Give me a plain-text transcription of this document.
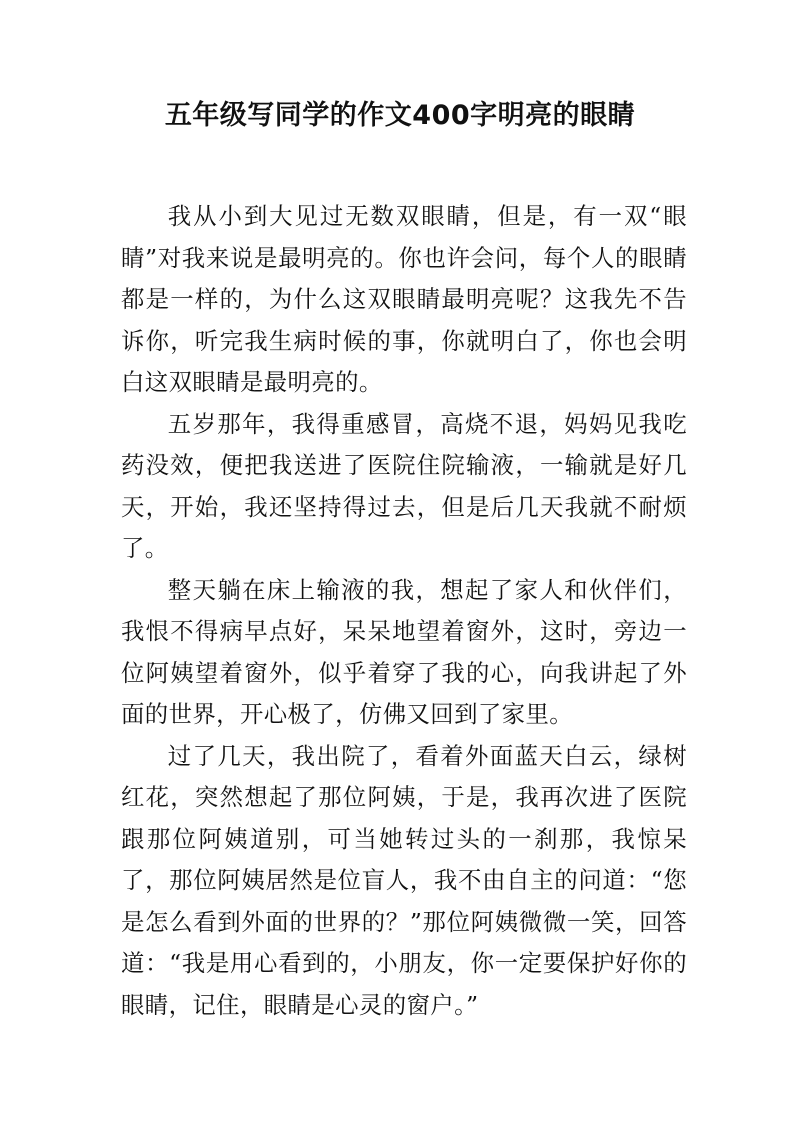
五年级写同学的作文400字明亮的眼睛

我从小到大见过无数双眼睛，但是，有一双“眼睛”对我来说是最明亮的。你也许会问，每个人的眼睛都是一样的，为什么这双眼睛最明亮呢？这我先不告诉你，听完我生病时候的事，你就明白了，你也会明白这双眼睛是最明亮的。

五岁那年，我得重感冒，高烧不退，妈妈见我吃药没效，便把我送进了医院住院输液，一输就是好几天，开始，我还坚持得过去，但是后几天我就不耐烦了。

整天躺在床上输液的我，想起了家人和伙伴们，我恨不得病早点好，呆呆地望着窗外，这时，旁边一位阿姨望着窗外，似乎着穿了我的心，向我讲起了外面的世界，开心极了，仿佛又回到了家里。

过了几天，我出院了，看着外面蓝天白云，绿树红花，突然想起了那位阿姨，于是，我再次进了医院跟那位阿姨道别，可当她转过头的一刹那，我惊呆了，那位阿姨居然是位盲人，我不由自主的问道：“您是怎么看到外面的世界的？”那位阿姨微微一笑，回答道：“我是用心看到的，小朋友，你一定要保护好你的眼睛，记住，眼睛是心灵的窗户。”
